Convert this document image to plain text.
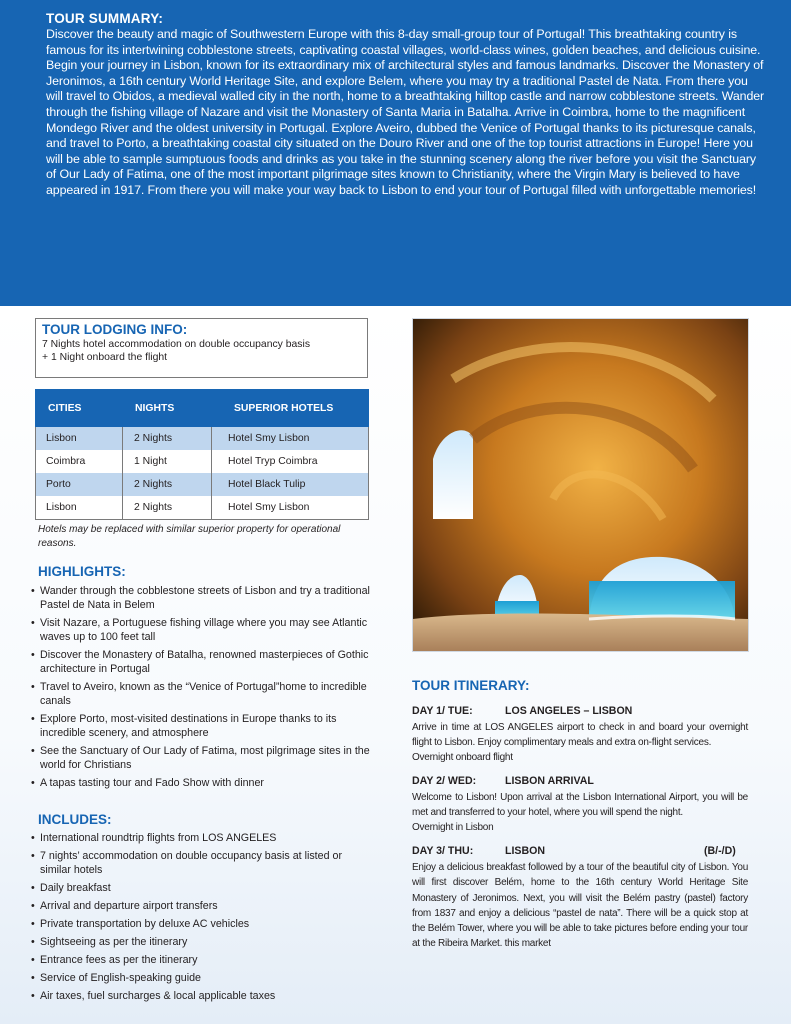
TOUR SUMMARY:

Discover the beauty and magic of Southwestern Europe with this 8-day small-group tour of Portugal! This breathtaking country is famous for its intertwining cobblestone streets, captivating coastal villages, world-class wines, golden beaches, and delicious cuisine. Begin your journey in Lisbon, known for its extraordinary mix of architectural styles and famous landmarks. Discover the Monastery of Jeronimos, a 16th century World Heritage Site, and explore Belem, where you may try a traditional Pastel de Nata. From there you will travel to Obidos, a medieval walled city in the north, home to a breathtaking hilltop castle and narrow cobblestone streets. Wander through the fishing village of Nazare and visit the Monastery of Santa Maria in Batalha. Arrive in Coimbra, home to the magnificent Mondego River and the oldest university in Portugal. Explore Aveiro, dubbed the Venice of Portugal thanks to its picturesque canals, and travel to Porto, a breathtaking coastal city situated on the Douro River and one of the top tourist attractions in Europe! Here you will be able to sample sumptuous foods and drinks as you take in the stunning scenery along the river before you visit the Sanctuary of Our Lady of Fatima, one of the most important pilgrimage sites known to Christianity, where the Virgin Mary is believed to have appeared in 1917. From there you will make your way back to Lisbon to end your tour of Portugal filled with unforgettable memories!

TOUR LODGING INFO:

7 Nights hotel accommodation on double occupancy basis
+ 1 Night onboard the flight

CITIES	NIGHTS	SUPERIOR HOTELS
Lisbon	2 Nights	Hotel Smy Lisbon
Coimbra	1 Night	Hotel Tryp Coimbra
Porto	2 Nights	Hotel Black Tulip
Lisbon	2 Nights	Hotel Smy Lisbon
Hotels may be replaced with similar superior property for operational reasons.
HIGHLIGHTS:
• Wander through the cobblestone streets of Lisbon and try a traditional Pastel de Nata in Belem
• Visit Nazare, a Portuguese fishing village where you may see Atlantic waves up to 100 feet tall
• Discover the Monastery of Batalha, renowned masterpieces of Gothic architecture in Portugal
• Travel to Aveiro, known as the “Venice of Portugal”home to incredible canals
• Explore Porto, most-visited destinations in Europe thanks to its incredible scenery, and atmosphere
• See the Sanctuary of Our Lady of Fatima, most pilgrimage sites in the world for Christians
• A tapas tasting tour and Fado Show with dinner
INCLUDES:
• International roundtrip flights from LOS ANGELES
• 7 nights’ accommodation on double occupancy basis at listed or similar hotels
• Daily breakfast
• Arrival and departure airport transfers
• Private transportation by deluxe AC vehicles
• Sightseeing as per the itinerary
• Entrance fees as per the itinerary
• Service of English-speaking guide
• Air taxes, fuel surcharges & local applicable taxes
TOUR ITINERARY:
DAY 1/ TUE:	LOS ANGELES – LISBON

Arrive in time at LOS ANGELES airport to check in and board your overnight flight to Lisbon. Enjoy complimentary meals and extra on-flight services.

Overnight onboard flight

DAY 2/ WED:	LISBON ARRIVAL

Welcome to Lisbon! Upon arrival at the Lisbon International Airport, you will be met and transferred to your hotel, where you will spend the night.

Overnight in Lisbon

DAY 3/ THU:	LISBON	(B/-/D)

Enjoy a delicious breakfast followed by a tour of the beautiful city of Lisbon. You will first discover Belém, home to the 16th century World Heritage Site Monastery of Jeronimos. Next, you will visit the Belém pastry (pastel) factory from 1837 and enjoy a delicious “pastel de nata”. There will be a quick stop at the Belém Tower, where you will be able to take pictures before ending your tour at the Ribeira Market. this market
